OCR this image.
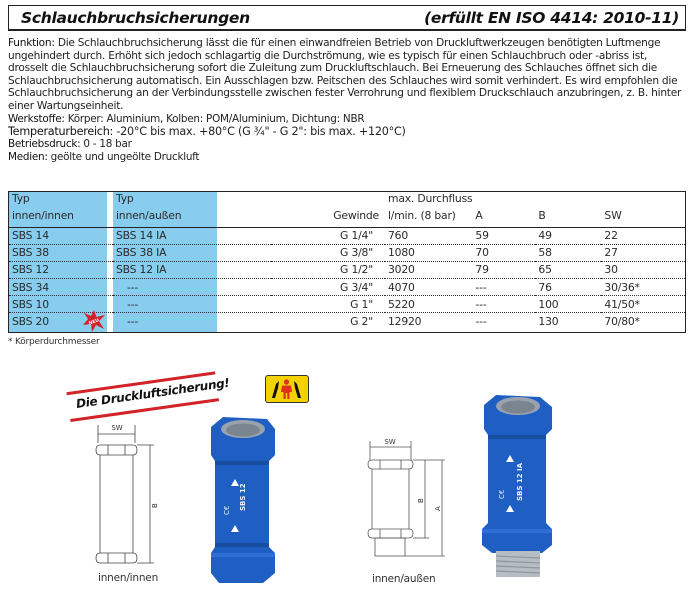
Schlauchbruchsicherungen	(erfüllt EN ISO 4414: 2010-11)

Funktion: Die Schlauchbruchsicherung lässt die für einen einwandfreien Betrieb von Druckluftwerkzeugen benötigten Luftmenge ungehindert durch. Erhöht sich jedoch schlagartig die Durchströmung, wie es typisch für einen Schlauchbruch oder -abriss ist, drosselt die Schlauchbruchsicherung sofort die Zuleitung zum Druckluftschlauch. Bei Erneuerung des Schlauches öffnet sich die Schlauchbruchsicherung automatisch. Ein Ausschlagen bzw. Peitschen des Schlauches wird somit verhindert. Es wird empfohlen die Schlauchbruchsicherung an der Verbindungsstelle zwischen fester Verrohrung und flexiblem Druckschlauch anzubringen, z. B. hinter einer Wartungseinheit.

Werkstoffe: Körper: Aluminium, Kolben: POM/Aluminium, Dichtung: NBR

Temperaturbereich: -20°C bis max. +80°C (G ¾" - G 2": bis max. +120°C)

Betriebsdruck: 0 - 18 bar

Medien: geölte und ungeölte Druckluft

Typ	Typ		max. Durchfluss			
innen/innen	innen/außen	Gewinde	l/min. (8 bar)	A	B	SW
SBS 14	SBS 14 IA	G 1/4"	760	59	49	22
SBS 38	SBS 38 IA	G 3/8"	1080	70	58	27
SBS 12	SBS 12 IA	G 1/2"	3020	79	65	30
SBS 34	---	G 3/4"	4070	---	76	30/36*
SBS 10	---	G 1"	5220	---	100	41/50*
SBS 20	---	G 2"	12920	---	130	70/80*
NEU
* Körperdurchmesser
Die Druckluftsicherung!
SW
B
innen/innen
SBS 12
C€
SW
B
A
innen/außen
SBS 12 IA
C€
